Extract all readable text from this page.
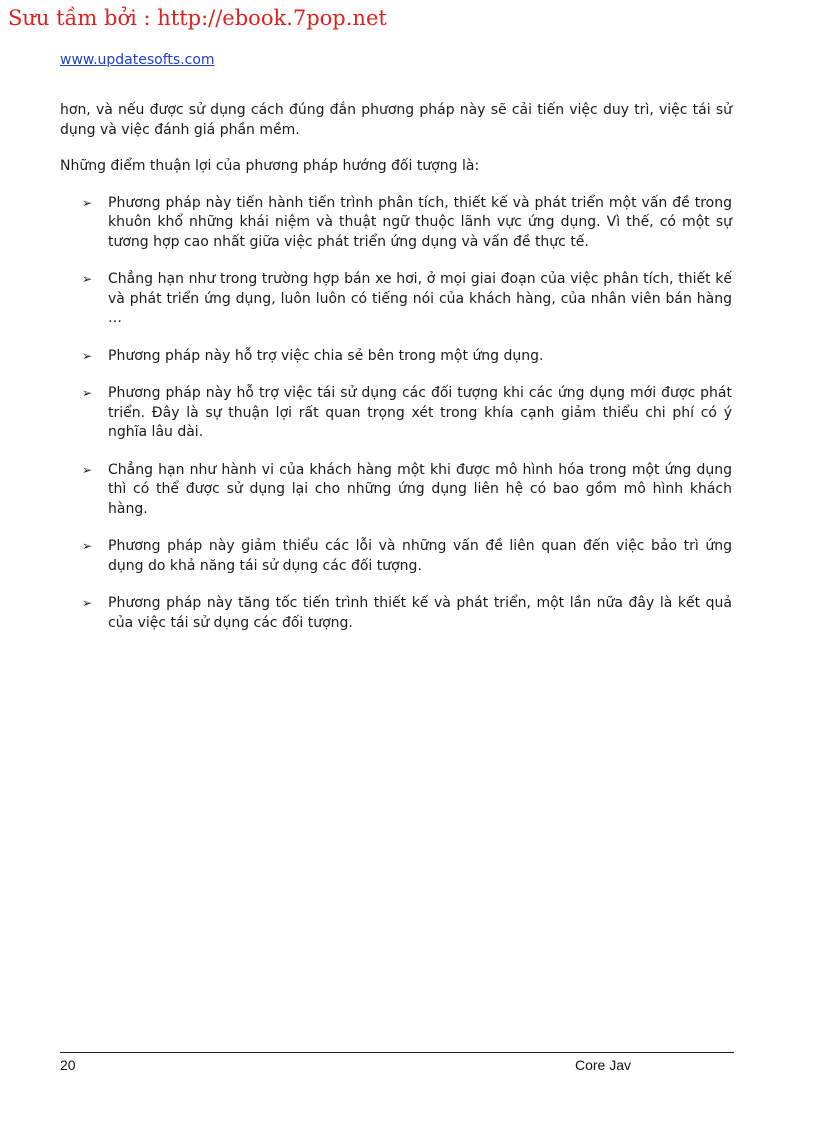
Sưu tầm bởi : http://ebook.7pop.net
www.updatesofts.com

hơn, và nếu được sử dụng cách đúng đắn phương pháp này sẽ cải tiến việc duy trì, việc tái sử dụng và việc đánh giá phần mềm.

Những điểm thuận lợi của phương pháp hướng đối tượng là:

➢ Phương pháp này tiến hành tiến trình phân tích, thiết kế và phát triển một vấn đề trong khuôn khổ những khái niệm và thuật ngữ thuộc lãnh vực ứng dụng. Vì thế, có một sự tương hợp cao nhất giữa việc phát triển ứng dụng và vấn đề thực tế.
➢ Chẳng hạn như trong trường hợp bán xe hơi, ở mọi giai đoạn của việc phân tích, thiết kế và phát triển ứng dụng, luôn luôn có tiếng nói của khách hàng, của nhân viên bán hàng …
➢ Phương pháp này hỗ trợ việc chia sẻ bên trong một ứng dụng.
➢ Phương pháp này hỗ trợ việc tái sử dụng các đối tượng khi các ứng dụng mới được phát triển. Đây là sự thuận lợi rất quan trọng xét trong khía cạnh giảm thiểu chi phí có ý nghĩa lâu dài.
➢ Chẳng hạn như hành vi của khách hàng một khi được mô hình hóa trong một ứng dụng thì có thể được sử dụng lại cho những ứng dụng liên hệ có bao gồm mô hình khách hàng.
➢ Phương pháp này giảm thiểu các lỗi và những vấn đề liên quan đến việc bảo trì ứng dụng do khả năng tái sử dụng các đối tượng.
➢ Phương pháp này tăng tốc tiến trình thiết kế và phát triển, một lần nữa đây là kết quả của việc tái sử dụng các đối tượng.
20	Core Jav
